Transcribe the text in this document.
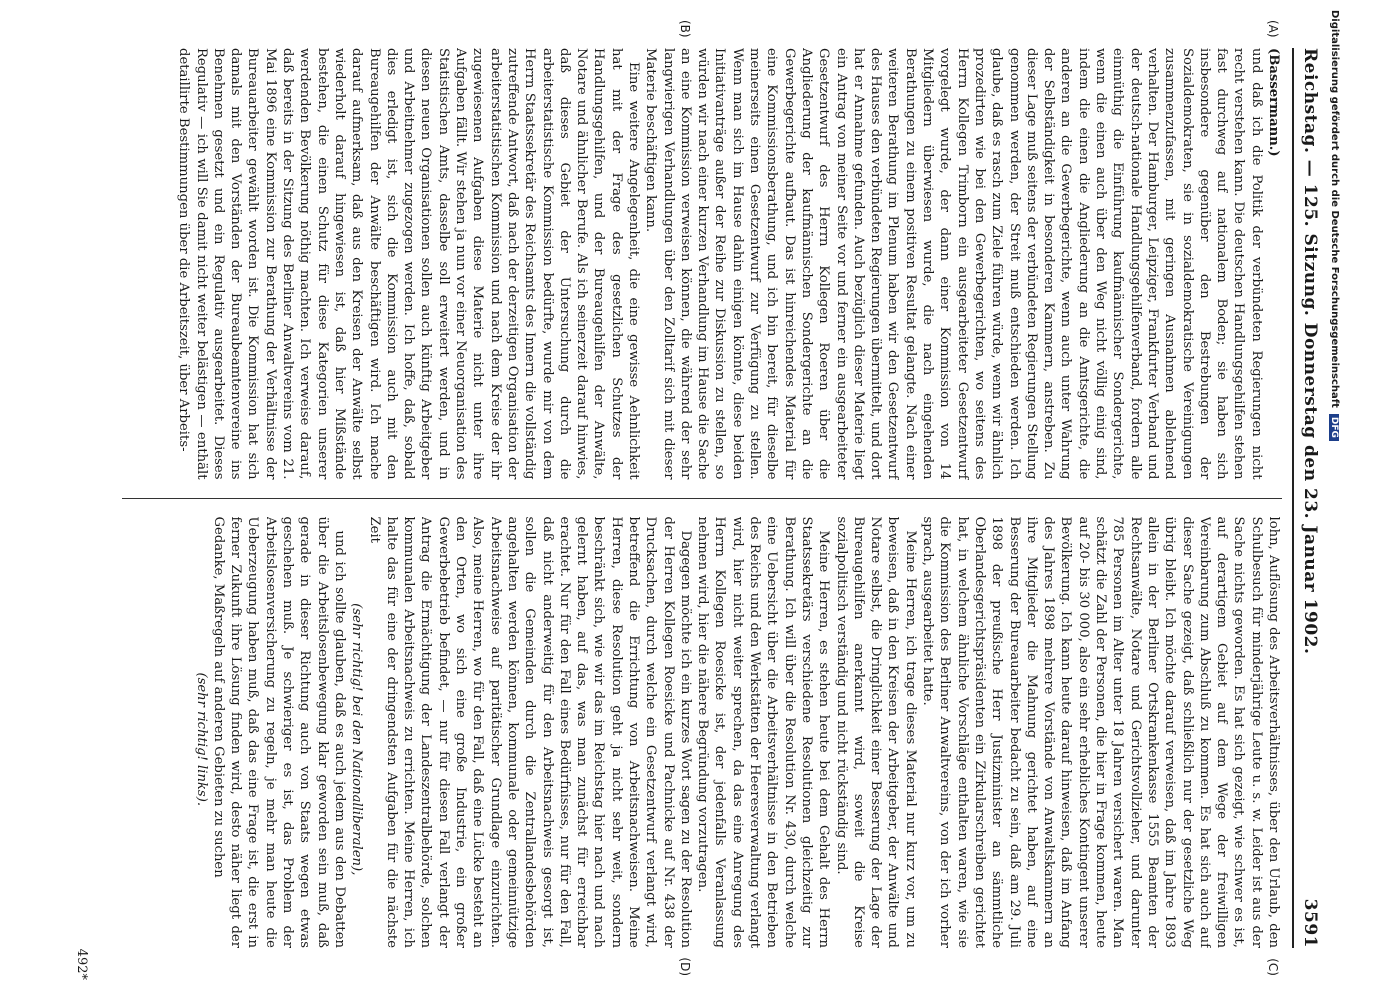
Reichstag. — 125. Sitzung. Donnerstag den 23. Januar 1902.
3591

(Bassermann.)

und daß ich die Politik der verbündeten Regierungen nicht recht verstehen kann. Die deutschen Handlungsgehilfen stehen fast durchweg auf nationalem Boden; sie haben sich insbesondere gegenüber den Bestrebungen der Sozialdemokraten, sie in sozialdemokratische Vereinigungen zusammenzufassen, mit geringen Ausnahmen ablehnend verhalten. Der Hamburger, Leipziger, Frankfurter Verband und der deutsch-nationale Handlungsgehilfenverband, fordern alle einmüthig die Einführung kaufmännischer Sondergerichte, wenn die einen auch über den Weg nicht völlig einig sind, indem die einen die Angliederung an die Amtsgerichte, die anderen an die Gewerbegerichte, wenn auch unter Wahrung der Selbständigkeit in besonderen Kammern, anstreben. Zu dieser Lage muß seitens der verbündeten Regierungen Stellung genommen werden, der Streit muß entschieden werden. Ich glaube, daß es rasch zum Ziele führen würde, wenn wir ähnlich prozedirten wie bei den Gewerbegerichten, wo seitens des Herrn Kollegen Trimborn ein ausgearbeiteter Gesetzentwurf vorgelegt wurde, der dann einer Kommission von 14 Mitgliedern überwiesen wurde, die nach eingehenden Berathungen zu einem positiven Resultat gelangte. Nach einer weiteren Berathung im Plenum haben wir den Gesetzentwurf des Hauses den verbündeten Regierungen übermittelt, und dort hat er Annahme gefunden. Auch bezüglich dieser Materie liegt ein Antrag von meiner Seite vor und ferner ein ausgearbeiteter Gesetzentwurf des Herrn Kollegen Roeren über die Angliederung der kaufmännischen Sondergerichte an die Gewerbegerichte aufbaut. Das ist hinreichendes Material für eine Kommissionsberathung, und ich bin bereit, für dieselbe meinerseits einen Gesetzentwurf zur Verfügung zu stellen. Wenn man sich im Hause dahin einigen könnte, diese beiden Initiativanträge außer der Reihe zur Diskussion zu stellen, so würden wir nach einer kurzen Verhandlung im Hause die Sache an eine Kommission verweisen können, die während der sehr langwierigen Verhandlungen über den Zolltarif sich mit dieser Materie beschäftigen kann.

Eine weitere Angelegenheit, die eine gewisse Aehnlichkeit hat mit der Frage des gesetzlichen Schutzes der Handlungsgehilfen, und der Bureaugehilfen der Anwälte, Notare und ähnlicher Berufe. Als ich seinerzeit darauf hinwies, daß dieses Gebiet der Untersuchung durch die arbeiterstatistische Kommission bedürfte, wurde mir von dem Herrn Staatssekretär des Reichsamts des Innern die vollständig zutreffende Antwort, daß nach der derzeitigen Organisation der arbeiterstatistischen Kommission und nach dem Kreise der ihr zugewiesenen Aufgaben diese Materie nicht unter ihre Aufgaben fällt. Wir stehen ja nun vor einer Neuorganisation des Statistischen Amts, dasselbe soll erweitert werden, und in diesen neuen Organisationen sollen auch künftig Arbeitgeber und Arbeitnehmer zugezogen werden. Ich hoffe, daß, sobald dies erledigt ist, sich die Kommission auch mit den Bureaugehilfen der Anwälte beschäftigen wird. Ich mache darauf aufmerksam, daß aus den Kreisen der Anwälte selbst wiederholt darauf hingewiesen ist, daß hier Mißstände bestehen, die einen Schutz für diese Kategorien unserer werdenden Bevölkerung nöthig machten. Ich verweise darauf, daß bereits in der Sitzung des Berliner Anwaltvereins vom 21. Mai 1896 eine Kommission zur Berathung der Verhältnisse der Bureauarbeiter gewählt worden ist. Die Kommission hat sich damals mit den Vorständen der Bureaubeamtenvereine ins Benehmen gesetzt und ein Regulativ ausgearbeitet. Dieses Regulativ — ich will Sie damit nicht weiter belästigen — enthält detaillirte Bestimmungen über die Arbeitszeit, über Arbeits-

lohn, Auflösung des Arbeitsverhältnisses, über den Urlaub, den Schulbesuch für minderjährige Leute u. s. w. Leider ist aus der Sache nichts geworden. Es hat sich gezeigt, wie schwer es ist, auf derartigem Gebiet auf dem Wege der freiwilligen Vereinbarung zum Abschluß zu kommen. Es hat sich auch auf dieser Sache gezeigt, daß schließlich nur der gesetzliche Weg übrig bleibt. Ich möchte darauf verweisen, daß im Jahre 1893 allein in der Berliner Ortskrankenkasse 1555 Beamten der Rechtsanwälte, Notare und Gerichtsvollzieher, und darunter 785 Personen im Alter unter 18 Jahren versichert waren. Man schätzt die Zahl der Personen, die hier in Frage kommen, heute auf 20- bis 30 000, also ein sehr erhebliches Kontingent unserer Bevölkerung. Ich kann heute darauf hinweisen, daß im Anfang des Jahres 1898 mehrere Vorstände von Anwaltskammern an ihre Mitglieder die Mahnung gerichtet haben, auf eine Besserung der Bureauarbeiter bedacht zu sein, daß am 29. Juli 1898 der preußische Herr Justizminister an sämmtliche Oberlandesgerichtspräsidenten ein Zirkularschreiben gerichtet hat, in welchem ähnliche Vorschläge enthalten waren, wie sie die Kommission des Berliner Anwaltvereins, von der ich vorher sprach, ausgearbeitet hatte.

Meine Herren, ich trage dieses Material nur kurz vor, um zu beweisen, daß in den Kreisen der Arbeitgeber, der Anwälte und Notare selbst, die Dringlichkeit einer Besserung der Lage der Bureaugehilfen anerkannt wird, soweit die Kreise sozialpolitisch verständig und nicht rückständig sind.

Meine Herren, es stehen heute bei dem Gehalt des Herrn Staatssekretärs verschiedene Resolutionen gleichzeitig zur Berathung. Ich will über die Resolution Nr. 430, durch welche eine Uebersicht über die Arbeitsverhältnisse in den Betrieben des Reichs und den Werkstätten der Heeresverwaltung verlangt wird, hier nicht weiter sprechen, da das eine Anregung des Herrn Kollegen Roesicke ist, der jedenfalls Veranlassung nehmen wird, hier die nähere Begründung vorzutragen.

Dagegen möchte ich ein kurzes Wort sagen zu der Resolution der Herren Kollegen Roesicke und Pachnicke auf Nr. 438 der Drucksachen, durch welche ein Gesetzentwurf verlangt wird, betreffend die Errichtung von Arbeitsnachweisen. Meine Herren, diese Resolution geht ja nicht sehr weit, sondern beschränkt sich, wie wir das im Reichstag hier nach und nach gelernt haben, auf das, was man zunächst für erreichbar erachtet. Nur für den Fall eines Bedürfnisses, nur für den Fall, daß nicht anderweitig für den Arbeitsnachweis gesorgt ist, sollen die Gemeinden durch die Zentrallandesbehörden angehalten werden können, kommunale oder gemeinnützige Arbeitsnachweise auf paritätischer Grundlage einzurichten. Also, meine Herren, wo für den Fall, daß eine Lücke besteht an den Orten, wo sich eine große Industrie, ein großer Gewerbebetrieb befindet, — nur für diesen Fall verlangt der Antrag die Ermächtigung der Landeszentralbehörde, solchen kommunalen Arbeitsnachweis zu errichten. Meine Herren, ich halte das für eine der dringendsten Aufgaben für die nächste Zeit

(sehr richtig! bei den Nationalliberalen),

und ich sollte glauben, daß es auch jedem aus den Debatten über die Arbeitslosenbewegung klar geworden sein muß, daß gerade in dieser Richtung auch von Staats wegen etwas geschehen muß. Je schwieriger es ist, das Problem der Arbeitslosenversicherung zu regeln, je mehr man heute die Ueberzeugung haben muß, daß das eine Frage ist, die erst in ferner Zukunft ihre Lösung finden wird, desto näher liegt der Gedanke, Maßregeln auf anderen Gebieten zu suchen

(sehr richtig! links).

(A)
(B)
(C)
(D)
492*
Digitalisierung gefördert durch die Deutsche ForschungsgemeinschaftDFG
